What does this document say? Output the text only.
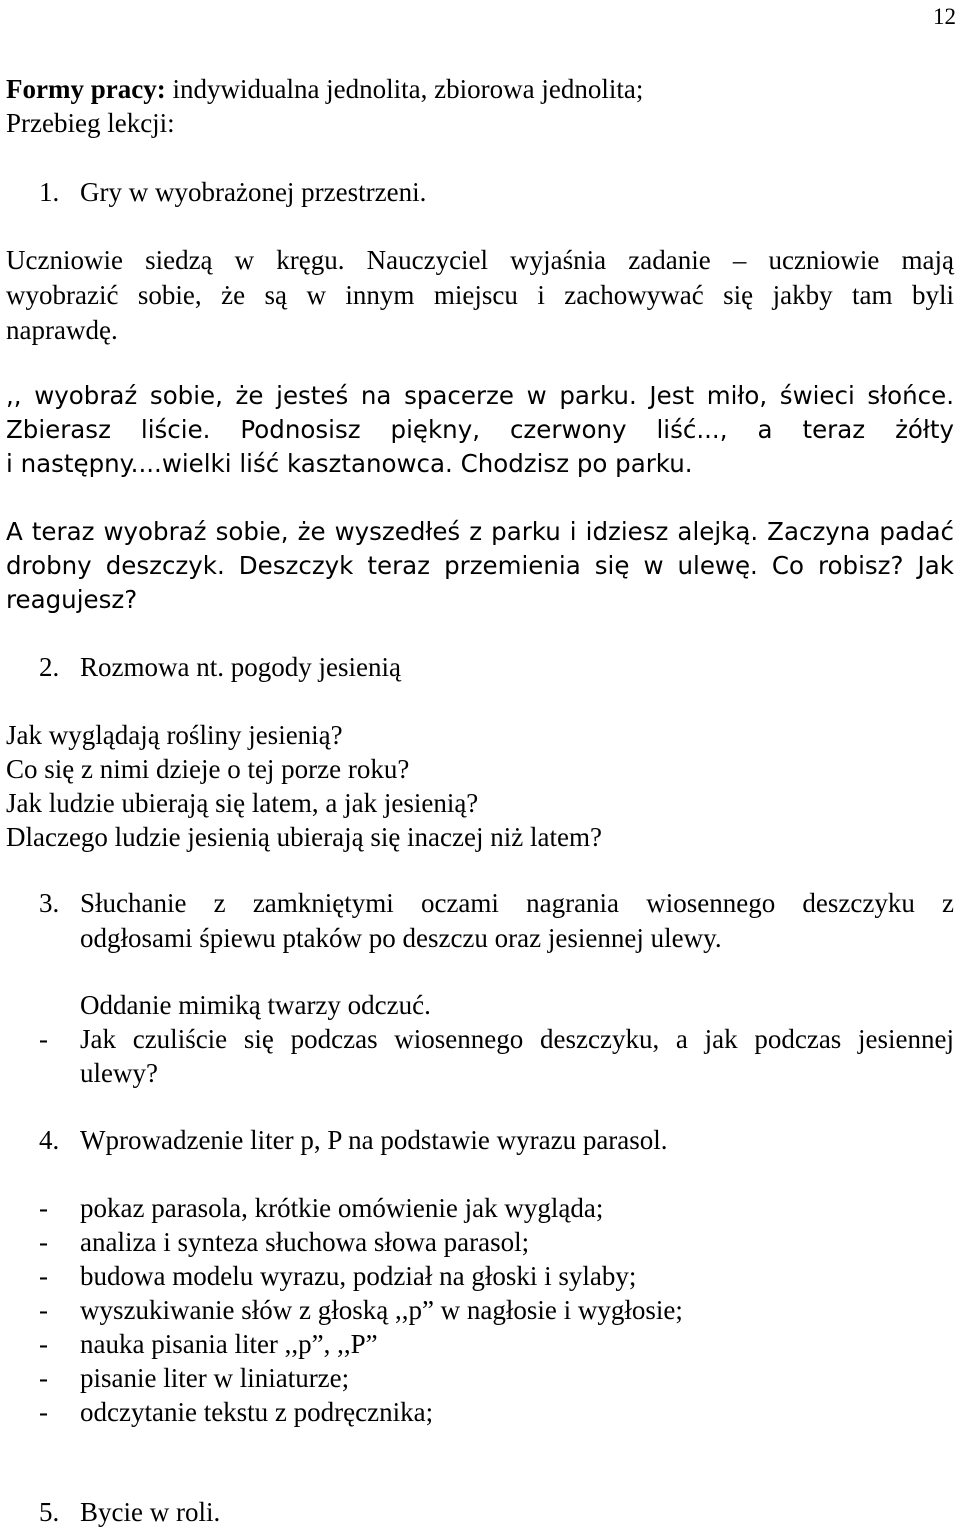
12
Formy pracy: indywidualna jednolita, zbiorowa jednolita;
Przebieg lekcji:
1. Gry w wyobrażonej przestrzeni.
Uczniowie siedzą w kręgu. Nauczyciel wyjaśnia zadanie – uczniowie mają
wyobrazić sobie, że są w innym miejscu i zachowywać się jakby tam byli
naprawdę.
,, wyobraź sobie, że jesteś na spacerze w parku. Jest miło, świeci słońce.
Zbierasz liście. Podnosisz piękny, czerwony liść..., a teraz żółty
i następny....wielki liść kasztanowca. Chodzisz po parku.
A teraz wyobraź sobie, że wyszedłeś z parku i idziesz alejką. Zaczyna padać
drobny deszczyk. Deszczyk teraz przemienia się w ulewę. Co robisz? Jak
reagujesz?
2. Rozmowa nt. pogody jesienią
Jak wyglądają rośliny jesienią?
Co się z nimi dzieje o tej porze roku?
Jak ludzie ubierają się latem, a jak jesienią?
Dlaczego ludzie jesienią ubierają się inaczej niż latem?
3. Słuchanie z zamkniętymi oczami nagrania wiosennego deszczyku z
odgłosami śpiewu ptaków po deszczu oraz jesiennej ulewy.
Oddanie mimiką twarzy odczuć.
- Jak czuliście się podczas wiosennego deszczyku, a jak podczas jesiennej
ulewy?
4. Wprowadzenie liter p, P na podstawie wyrazu parasol.
- pokaz parasola, krótkie omówienie jak wygląda;
- analiza i synteza słuchowa słowa parasol;
- budowa modelu wyrazu, podział na głoski i sylaby;
- wyszukiwanie słów z głoską ,,p” w nagłosie i wygłosie;
- nauka pisania liter ,,p”, ,,P”
- pisanie liter w liniaturze;
- odczytanie tekstu z podręcznika;
5. Bycie w roli.
